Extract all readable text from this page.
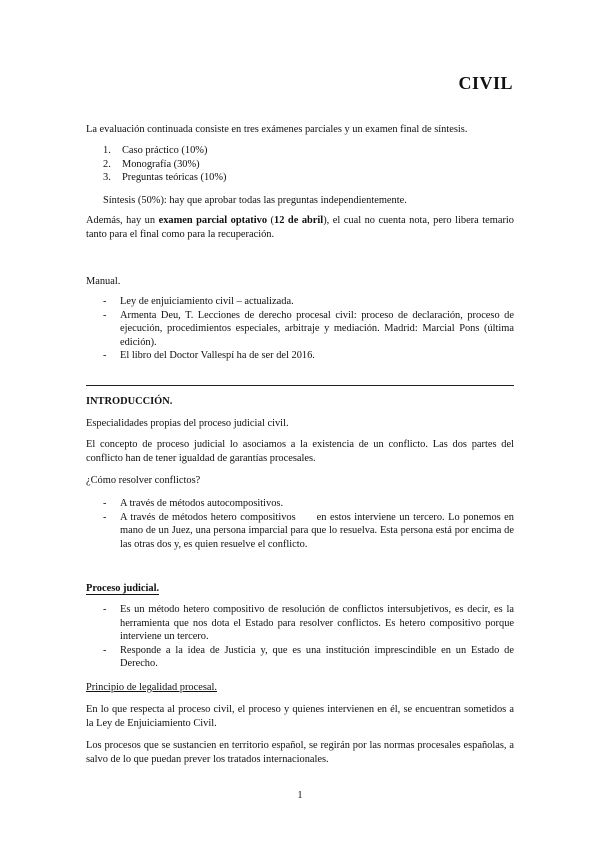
CIVIL
La evaluación continuada consiste en tres exámenes parciales y un examen final de síntesis.
1.	Caso práctico (10%)
2.	Monografía (30%)
3.	Preguntas teóricas (10%)
Síntesis (50%): hay que aprobar todas las preguntas independientemente.
Además, hay un examen parcial optativo (12 de abril), el cual no cuenta nota, pero libera temario tanto para el final como para la recuperación.
Manual.
- Ley de enjuiciamiento civil – actualizada.
- Armenta Deu, T. Lecciones de derecho procesal civil: proceso de declaración, proceso de ejecución, procedimientos especiales, arbitraje y mediación. Madrid: Marcial Pons (última edición).
- El libro del Doctor Vallespí ha de ser del 2016.
INTRODUCCIÓN.
Especialidades propias del proceso judicial civil.
El concepto de proceso judicial lo asociamos a la existencia de un conflicto. Las dos partes del conflicto han de tener igualdad de garantías procesales.
¿Cómo resolver conflictos?
- A través de métodos autocompositivos.
- A través de métodos hetero compositivos      en estos interviene un tercero. Lo ponemos en mano de un Juez, una persona imparcial para que lo resuelva. Esta persona está por encima de las otras dos y, es quien resuelve el conflicto.
Proceso judicial.
- Es un método hetero compositivo de resolución de conflictos intersubjetivos, es decir, es la herramienta que nos dota el Estado para resolver conflictos. Es hetero compositivo porque interviene un tercero.
- Responde a la idea de Justicia y, que es una institución imprescindible en un Estado de Derecho.
Principio de legalidad procesal.
En lo que respecta al proceso civil, el proceso y quienes intervienen en él, se encuentran sometidos a la Ley de Enjuiciamiento Civil.
Los procesos que se sustancien en territorio español, se regirán por las normas procesales españolas, a salvo de lo que puedan prever los tratados internacionales.
1
